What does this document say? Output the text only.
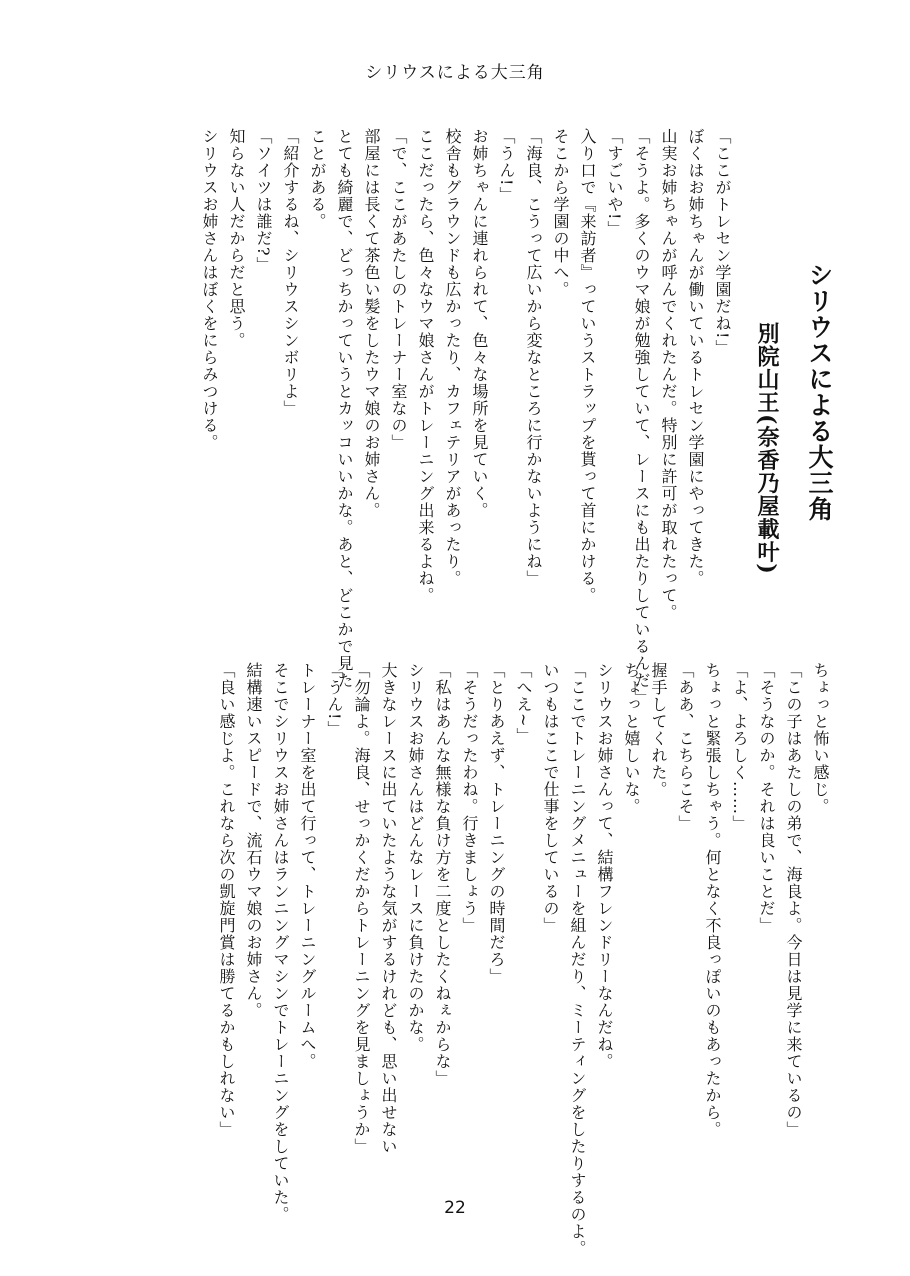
シリウスによる大三角
シリウスによる大三角
別院山王(奈香乃屋載叶)
「ここがトレセン学園だね!」
ぼくはお姉ちゃんが働いているトレセン学園にやってきた。
山実お姉ちゃんが呼んでくれたんだ。特別に許可が取れたって。
「そうよ。多くのウマ娘が勉強していて、レースにも出たりしているんだ」
「すごいや!」
入り口で『来訪者』っていうストラップを貰って首にかける。
そこから学園の中へ。
「海良、こうって広いから変なところに行かないようにね」
「うん!」
お姉ちゃんに連れられて、色々な場所を見ていく。
校舎もグラウンドも広かったり、カフェテリアがあったり。
ここだったら、色々なウマ娘さんがトレーニング出来るよね。
「で、ここがあたしのトレーナー室なの」
部屋には長くて茶色い髪をしたウマ娘のお姉さん。
とても綺麗で、どっちかっていうとカッコいいかな。あと、どこかで見た
ことがある。
「紹介するね、シリウスシンボリよ」
「ソイツは誰だ?」
知らない人だからだと思う。
シリウスお姉さんはぼくをにらみつける。
ちょっと怖い感じ。
「この子はあたしの弟で、海良よ。今日は見学に来ているの」
「そうなのか。それは良いことだ」
「よ、よろしく……」
ちょっと緊張しちゃう。何となく不良っぽいのもあったから。
「ああ、こちらこそ」
握手してくれた。
ちょっと嬉しいな。
シリウスお姉さんって、結構フレンドリーなんだね。
「ここでトレーニングメニューを組んだり、ミーティングをしたりするのよ。
いつもはここで仕事をしているの」
「へえ~」
「とりあえず、トレーニングの時間だろ」
「そうだったわね。行きましょう」
「私はあんな無様な負け方を二度としたくねぇからな」
シリウスお姉さんはどんなレースに負けたのかな。
大きなレースに出ていたような気がするけれども、思い出せない
「勿論よ。海良、せっかくだからトレーニングを見ましょうか」
「うん!」
トレーナー室を出て行って、トレーニングルームへ。
そこでシリウスお姉さんはランニングマシンでトレーニングをしていた。
結構速いスピードで、流石ウマ娘のお姉さん。
「良い感じよ。これなら次の凱旋門賞は勝てるかもしれない」
22
